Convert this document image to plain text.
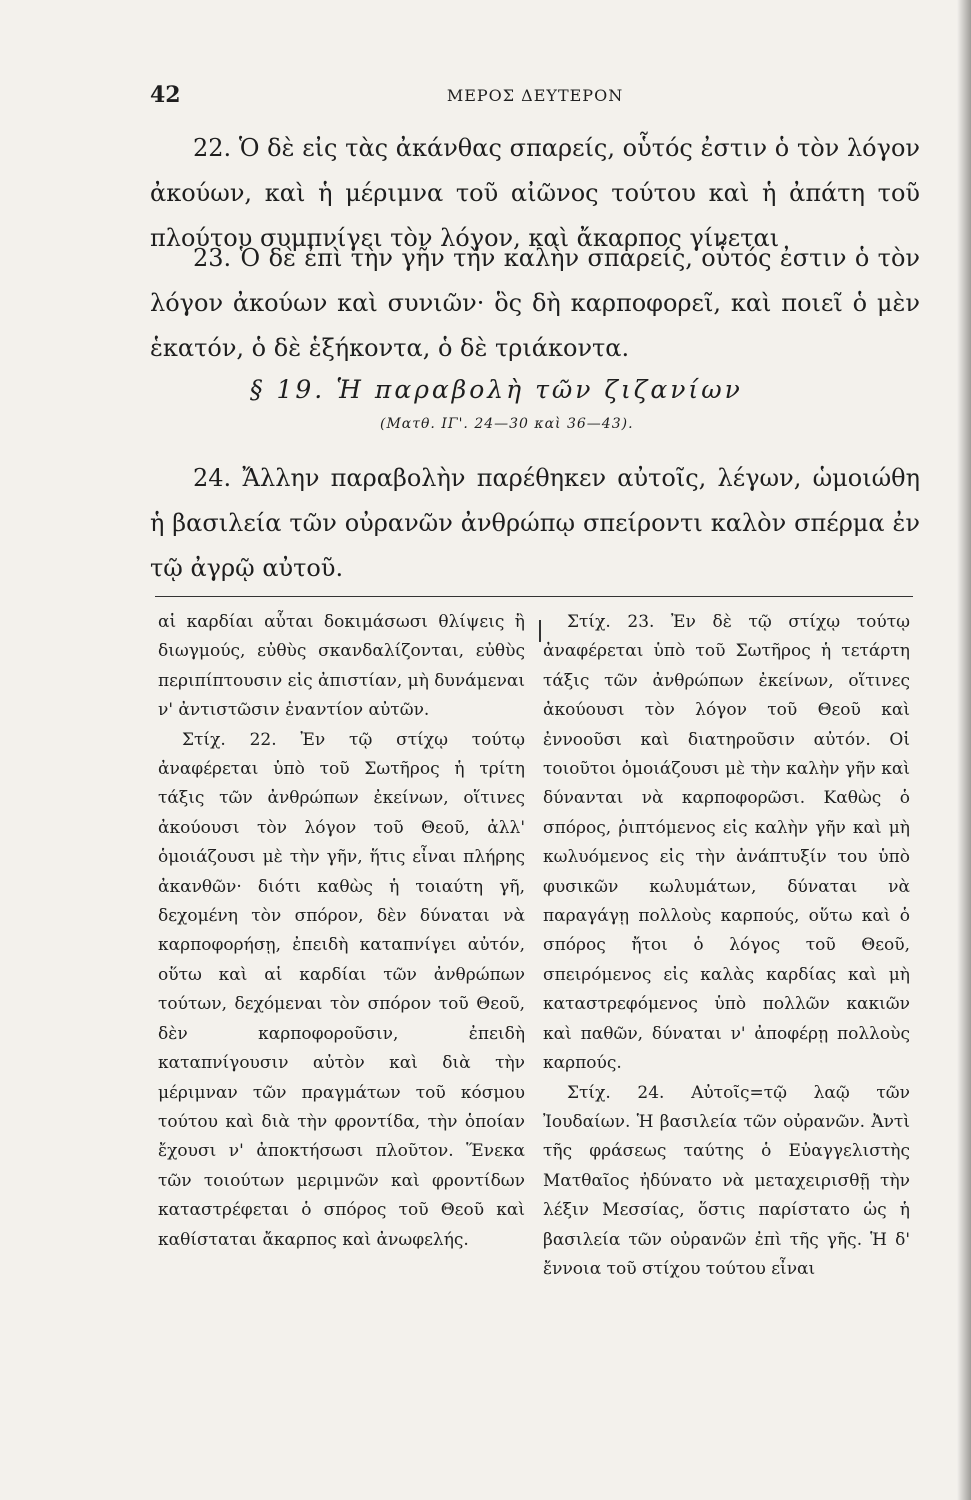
42	ΜΕΡΟΣ ΔΕΥΤΕΡΟΝ

22. Ὁ δὲ εἰς τὰς ἀκάνθας σπαρείς, οὗτός ἐστιν ὁ τὸν λόγον ἀκούων, καὶ ἡ μέριμνα τοῦ αἰῶνος τούτου καὶ ἡ ἀπάτη τοῦ πλούτου συμπνίγει τὸν λόγον, καὶ ἄκαρπος γίνεται

23. Ὁ δὲ ἐπὶ τὴν γῆν τὴν καλὴν σπαρείς, οὗτός ἐστιν ὁ τὸν λόγον ἀκούων καὶ συνιῶν· ὃς δὴ καρποφορεῖ, καὶ ποιεῖ ὁ μὲν ἑκατόν, ὁ δὲ ἑξήκοντα, ὁ δὲ τριάκοντα.

§ 19. Ἡ παραβολὴ τῶν ζιζανίων
(Ματθ. ΙΓ'. 24—30 καὶ 36—43).

24. Ἄλλην παραβολὴν παρέθηκεν αὐτοῖς, λέγων, ὡμοιώθη ἡ βασιλεία τῶν οὐρανῶν ἀνθρώπῳ σπείροντι καλὸν σπέρμα ἐν τῷ ἀγρῷ αὐτοῦ.

αἱ καρδίαι αὗται δοκιμάσωσι θλίψεις ἢ διωγμούς, εὐθὺς σκανδαλίζονται, εὐθὺς περιπίπτουσιν εἰς ἀπιστίαν, μὴ δυνάμεναι ν' ἀντιστῶσιν ἐναντίον αὐτῶν.

Στίχ. 22. Ἐν τῷ στίχῳ τούτῳ ἀναφέρεται ὑπὸ τοῦ Σωτῆρος ἡ τρίτη τάξις τῶν ἀνθρώπων ἐκείνων, οἵτινες ἀκούουσι τὸν λόγον τοῦ Θεοῦ, ἀλλ' ὁμοιάζουσι μὲ τὴν γῆν, ἥτις εἶναι πλήρης ἀκανθῶν· διότι καθὼς ἡ τοιαύτη γῆ, δεχομένη τὸν σπόρον, δὲν δύναται νὰ καρποφορήσῃ, ἐπειδὴ καταπνίγει αὐτόν, οὕτω καὶ αἱ καρδίαι τῶν ἀνθρώπων τούτων, δεχόμεναι τὸν σπόρον τοῦ Θεοῦ, δὲν καρποφοροῦσιν, ἐπειδὴ καταπνίγουσιν αὐτὸν καὶ διὰ τὴν μέριμναν τῶν πραγμάτων τοῦ κόσμου τούτου καὶ διὰ τὴν φροντίδα, τὴν ὁποίαν ἔχουσι ν' ἀποκτήσωσι πλοῦτον. Ἕνεκα τῶν τοιούτων μεριμνῶν καὶ φροντίδων καταστρέφεται ὁ σπόρος τοῦ Θεοῦ καὶ καθίσταται ἄκαρπος καὶ ἀνωφελής.

Στίχ. 23. Ἐν δὲ τῷ στίχῳ τούτῳ ἀναφέρεται ὑπὸ τοῦ Σωτῆρος ἡ τετάρτη τάξις τῶν ἀνθρώπων ἐκείνων, οἵτινες ἀκούουσι τὸν λόγον τοῦ Θεοῦ καὶ ἐννοοῦσι καὶ διατηροῦσιν αὐτόν. Οἱ τοιοῦτοι ὁμοιάζουσι μὲ τὴν καλὴν γῆν καὶ δύνανται νὰ καρποφορῶσι. Καθὼς ὁ σπόρος, ῥιπτόμενος εἰς καλὴν γῆν καὶ μὴ κωλυόμενος εἰς τὴν ἀνάπτυξίν του ὑπὸ φυσικῶν κωλυμάτων, δύναται νὰ παραγάγῃ πολλοὺς καρπούς, οὕτω καὶ ὁ σπόρος ἤτοι ὁ λόγος τοῦ Θεοῦ, σπειρόμενος εἰς καλὰς καρδίας καὶ μὴ καταστρεφόμενος ὑπὸ πολλῶν κακιῶν καὶ παθῶν, δύναται ν' ἀποφέρῃ πολλοὺς καρπούς.

Στίχ. 24. Αὐτοῖς=τῷ λαῷ τῶν Ἰουδαίων. Ἡ βασιλεία τῶν οὐρανῶν. Ἀντὶ τῆς φράσεως ταύτης ὁ Εὐαγγελιστὴς Ματθαῖος ἠδύνατο νὰ μεταχειρισθῇ τὴν λέξιν Μεσσίας, ὅστις παρίστατο ὡς ἡ βασιλεία τῶν οὐρανῶν ἐπὶ τῆς γῆς. Ἡ δ' ἔννοια τοῦ στίχου τούτου εἶναι
